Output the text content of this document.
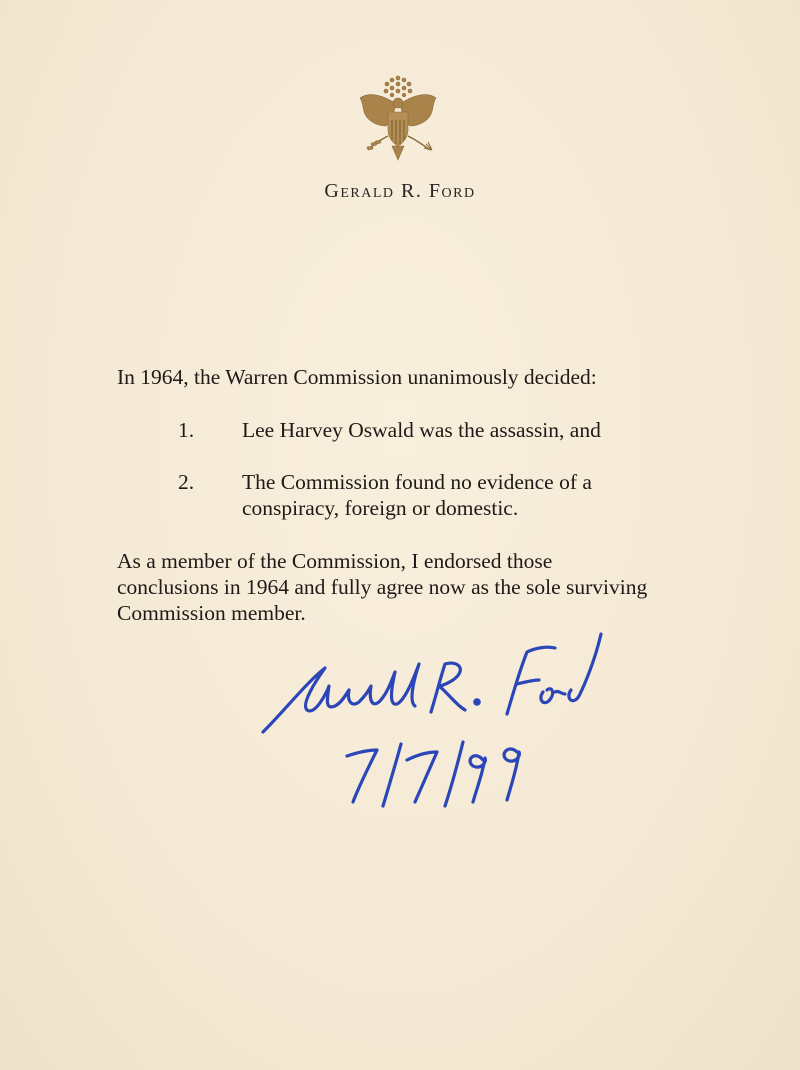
Gerald R. Ford
In 1964, the Warren Commission unanimously decided:
1. Lee Harvey Oswald was the assassin, and
2. The Commission found no evidence of a conspiracy, foreign or domestic.
As a member of the Commission, I endorsed those conclusions in 1964 and fully agree now as the sole surviving Commission member.
